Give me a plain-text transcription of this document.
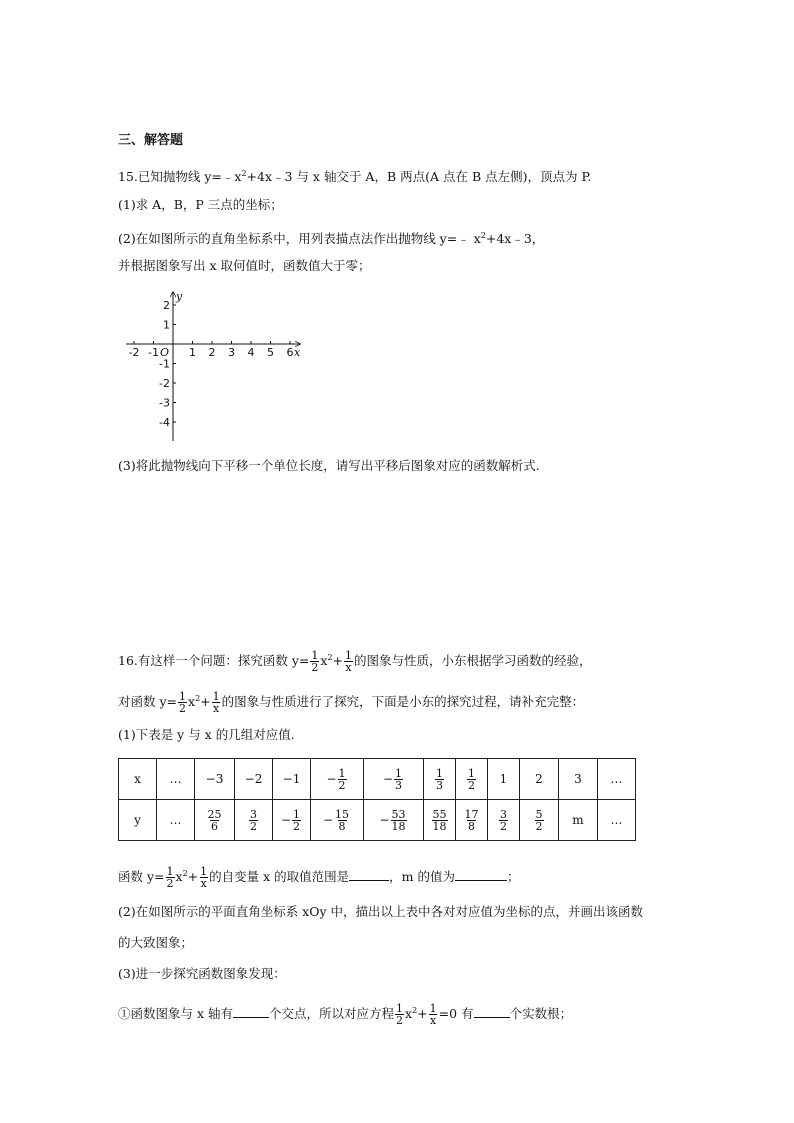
三、解答题
15.已知抛物线 $y=﹣x^2+4x﹣3$ 与 x 轴交于 A，B 两点(A 点在 B 点左侧)，顶点为 P.
(1)求 A，B，P 三点的坐标；
(2)在如图所示的直角坐标系中，用列表描点法作出抛物线 y=﹣ $x^2+4x﹣3$，
并根据图象写出 x 取何值时，函数值大于零；
-2 -1	1 2 3 4 5 6
2
1
-1
-2
-3
-4
x
y
O
(3)将此抛物线向下平移一个单位长度，请写出平移后图象对应的函数解析式.
16.有这样一个问题：探究函数 $y= \frac{1}{2} x^2+ \frac{1}{x}$ 的图象与性质，小东根据学习函数的经验，
对函数 $y= \frac{1}{2} x^2+ \frac{1}{x}$ 的图象与性质进行了探究，下面是小东的探究过程，请补充完整：
(1)下表是 y 与 x 的几组对应值.
x	…	−3	−2	−1	− $\frac{1}{2}$	− $\frac{1}{3}$	$\frac{1}{3}$	$\frac{1}{2}$	1	2	3	…
y	…	$\frac{25}{6}$	$\frac{3}{2}$	− $\frac{1}{2}$	− $\frac{15}{8}$	− $\frac{53}{18}$	$\frac{55}{18}$	$\frac{17}{8}$	$\frac{3}{2}$	$\frac{5}{2}$	m	…
函数 $y= \frac{1}{2} x^2+ \frac{1}{x}$ 的自变量 x 的取值范围是	，m 的值为	；
(2)在如图所示的平面直角坐标系 xOy 中，描出以上表中各对对应值为坐标的点，并画出该函数
的大致图象；
(3)进一步探究函数图象发现：
①函数图象与 x 轴有	个交点，所以对应方程 $\frac{1}{2} x^2+ \frac{1}{x} =0$ 有	个实数根；
